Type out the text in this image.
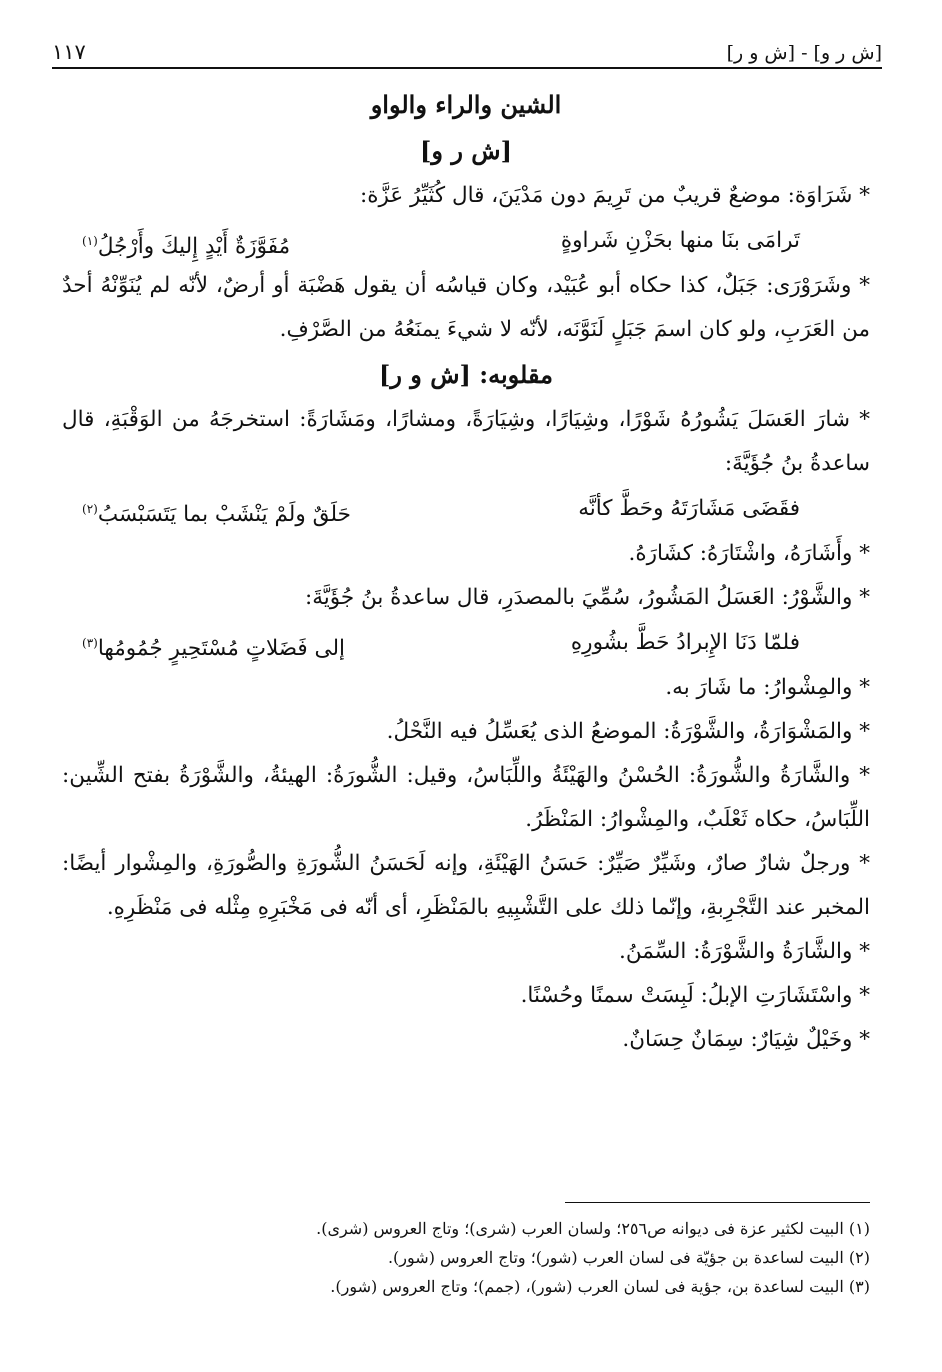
[ش ر و] - [ش و ر]
١١٧
الشين والراء والواو
[ش ر و]
* شَرَاوَة: موضعٌ قريبٌ من تَرِيمَ دون مَدْيَنَ، قال كُثَيِّرُ عَزَّة:
تَرامَى بنَا منها بحَزْنِ شَراوةٍ
مُفَوَّزَةٌ أَيْدٍ إِليكَ وأَرْجُلُ$^{(١)}$
* وشَرَوْرَى: جَبَلٌ، كذا حكاه أبو عُبَيْد، وكان قياسُه أن يقول هَضْبَة أو أرضٌ، لأنّه لم يُنَوِّنْهُ أحدٌ من العَرَبِ، ولو كان اسمَ جَبَلٍ لَنَوَّنَه، لأنّه لا شيءَ يمنَعُهُ من الصَّرْفِ.
مقلوبه: [ش و ر]
* شارَ العَسَلَ يَشُورُهُ شَوْرًا، وشِيَارًا، وشِيَارَةً، ومشارًا، ومَشَارَةً: استخرجَهُ من الوَقْبَةِ، قال ساعدةُ بنُ جُؤَيَّةَ:
فقَضَى مَشَارَتَهُ وحَطَّ كأنَّه
حَلَقٌ ولَمْ يَنْشَبْ بما يَتَسَبْسَبُ$^{(٢)}$
* وأَشَارَهُ، واشْتَارَهُ: كشَارَهُ.
* والشَّوْرُ: العَسَلُ المَشُورُ، سُمِّيَ بالمصدَرِ، قال ساعدةُ بنُ جُؤَيَّةَ:
فلمّا دَنَا الإِبرادُ حَطَّ بشُورِهِ
إلى فَضَلاتٍ مُسْتَحِيرٍ جُمُومُها$^{(٣)}$
* والمِشْوارُ: ما شَارَ به.
* والمَشْوَارَةُ، والشَّوْرَةُ: الموضعُ الذى يُعَسِّلُ فيه النَّحْلُ.
* والشَّارَةُ والشُّورَةُ: الحُسْنُ والهَيْئَةُ واللِّبَاسُ، وقيل: الشُّورَةُ: الهيئةُ، والشَّوْرَةُ بفتح الشِّين: اللِّبَاسُ، حكاه ثَعْلَبٌ، والمِشْوارُ: المَنْظَرُ.
* ورجلٌ شارٌ صارٌ، وشَيِّرٌ صَيِّرٌ: حَسَنُ الهَيْئَةِ، وإنه لَحَسَنُ الشُّورَةِ والصُّورَةِ، والمِشْوار أيضًا: المخبر عند التَّجْرِبةِ، وإنّما ذلك على التَّشْبِيهِ بالمَنْظَرِ، أى أنّه فى مَخْبَرِهِ مِثْله فى مَنْظَرِهِ.
* والشَّارَةُ والشَّوْرَةُ: السِّمَنُ.
* واسْتَشَارَتِ الإبلُ: لَبِسَتْ سمنًا وحُسْنًا.
* وخَيْلٌ شِيَارٌ: سِمَانٌ حِسَانٌ.
(١) البيت لكثير عزة فى ديوانه ص٢٥٦؛ ولسان العرب (شرى)؛ وتاج العروس (شرى).
(٢) البيت لساعدة بن جؤيّة فى لسان العرب (شور)؛ وتاج العروس (شور).
(٣) البيت لساعدة بن، جؤية فى لسان العرب (شور)، (جمم)؛ وتاج العروس (شور).
